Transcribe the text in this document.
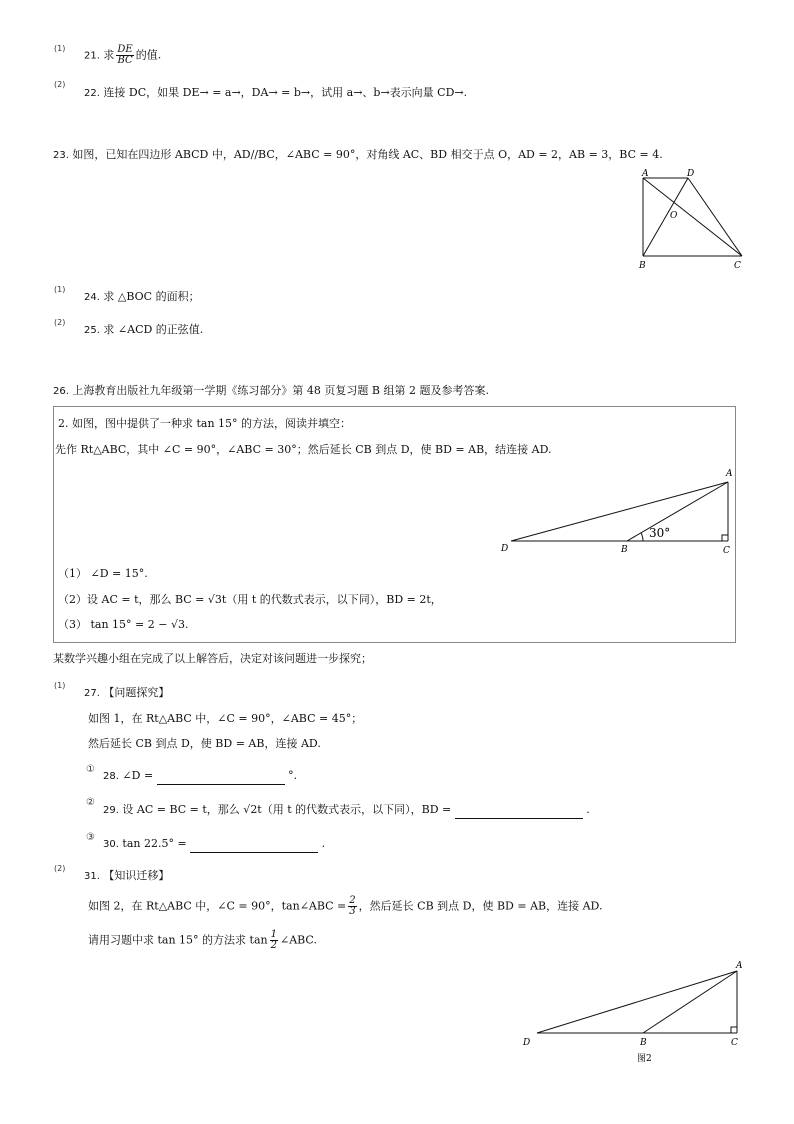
(1)
21. 求 $\frac{DE}{BC}$ 的值.
(2)
22. 连接 DC，如果 DE→ = a→，DA→ = b→，试用 a→、b→表示向量 CD→.
23. 如图，已知在四边形 ABCD 中，AD//BC，∠ABC = 90°，对角线 AC、BD 相交于点 O，AD = 2，AB = 3，BC = 4.
A	D
O
B	C
(1)
24. 求 △BOC 的面积；
(2)
25. 求 ∠ACD 的正弦值.
26. 上海教育出版社九年级第一学期《练习部分》第 48 页复习题 B 组第 2 题及参考答案.
2. 如图，图中提供了一种求 tan 15° 的方法，阅读并填空：
先作 Rt△ABC，其中 ∠C = 90°，∠ABC = 30°；然后延长 CB 到点 D，使 BD = AB，结连接 AD.
30°
A
B	C
D
（1） ∠D = 15°.
（2）设 AC = t，那么 BC = √3t（用 t 的代数式表示，以下同），BD = 2t，
（3） tan 15° = 2 − √3.
某数学兴趣小组在完成了以上解答后，决定对该问题进一步探究；
(1)
27. 【问题探究】
如图 1，在 Rt△ABC 中，∠C = 90°，∠ABC = 45°；
然后延长 CB 到点 D，使 BD = AB，连接 AD.
①
28. ∠D =	°.
②
29. 设 AC = BC = t，那么 √2t（用 t 的代数式表示，以下同），BD =	.
③
30. tan 22.5° =	.
(2)
31. 【知识迁移】
如图 2，在 Rt△ABC 中，∠C = 90°，tan∠ABC = $\frac{2}{3}$ ，然后延长 CB 到点 D，使 BD = AB，连接 AD.
请用习题中求 tan 15° 的方法求 $\tan \frac{1}{2}$ ∠ABC.
A
B	C
D
图2
